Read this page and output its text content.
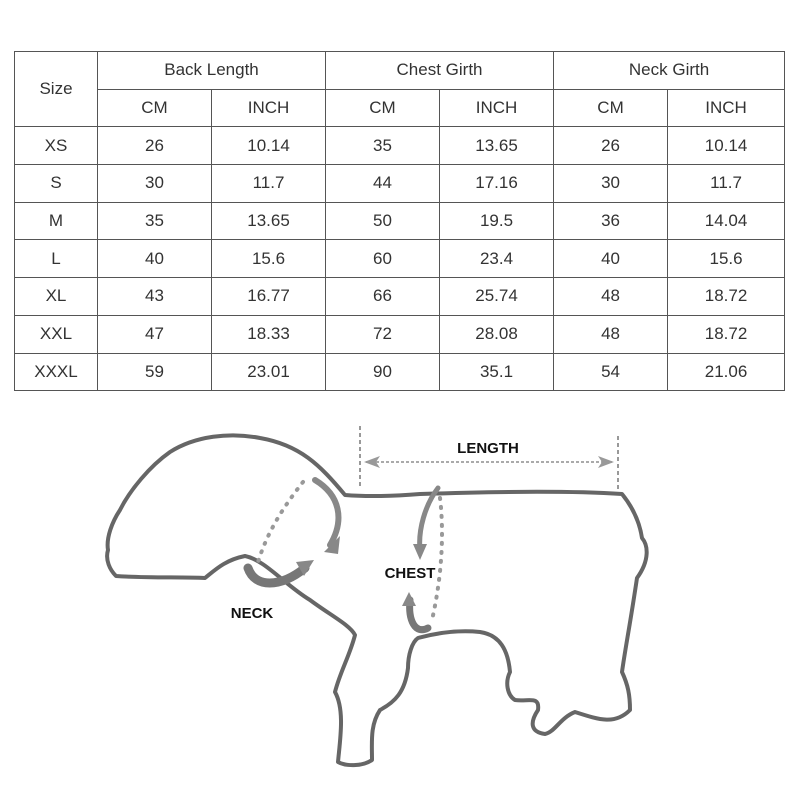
Size	Back Length		Chest Girth		Neck Girth	
	CM	INCH	CM	INCH	CM	INCH
XS	26	10.14	35	13.65	26	10.14
S	30	11.7	44	17.16	30	11.7
M	35	13.65	50	19.5	36	14.04
L	40	15.6	60	23.4	40	15.6
XL	43	16.77	66	25.74	48	18.72
XXL	47	18.33	72	28.08	48	18.72
XXXL	59	23.01	90	35.1	54	21.06
LENGTH
NECK
CHEST
